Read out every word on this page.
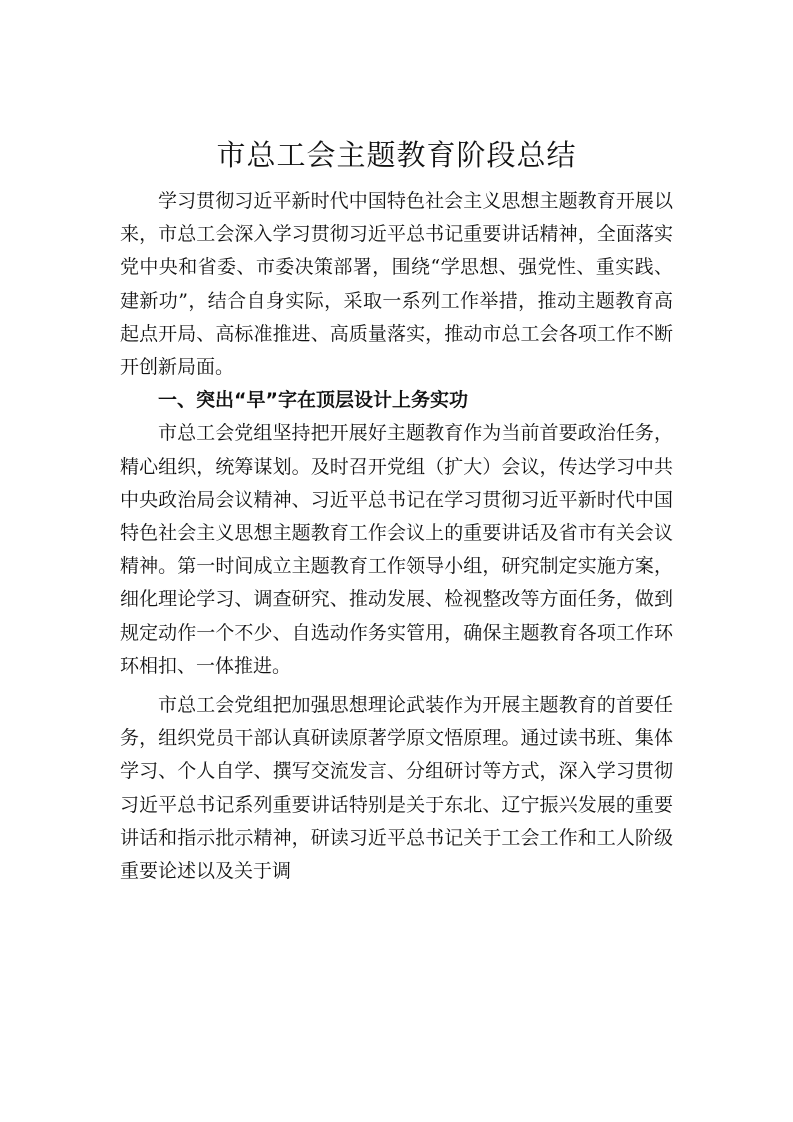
市总工会主题教育阶段总结

学习贯彻习近平新时代中国特色社会主义思想主题教育开展以来，市总工会深入学习贯彻习近平总书记重要讲话精神，全面落实党中央和省委、市委决策部署，围绕“学思想、强党性、重实践、建新功”，结合自身实际，采取一系列工作举措，推动主题教育高起点开局、高标准推进、高质量落实，推动市总工会各项工作不断开创新局面。

一、突出“早”字在顶层设计上务实功

市总工会党组坚持把开展好主题教育作为当前首要政治任务，精心组织，统筹谋划。及时召开党组（扩大）会议，传达学习中共中央政治局会议精神、习近平总书记在学习贯彻习近平新时代中国特色社会主义思想主题教育工作会议上的重要讲话及省市有关会议精神。第一时间成立主题教育工作领导小组，研究制定实施方案，细化理论学习、调查研究、推动发展、检视整改等方面任务，做到规定动作一个不少、自选动作务实管用，确保主题教育各项工作环环相扣、一体推进。

市总工会党组把加强思想理论武装作为开展主题教育的首要任务，组织党员干部认真研读原著学原文悟原理。通过读书班、集体学习、个人自学、撰写交流发言、分组研讨等方式，深入学习贯彻习近平总书记系列重要讲话特别是关于东北、辽宁振兴发展的重要讲话和指示批示精神，研读习近平总书记关于工会工作和工人阶级重要论述以及关于调
